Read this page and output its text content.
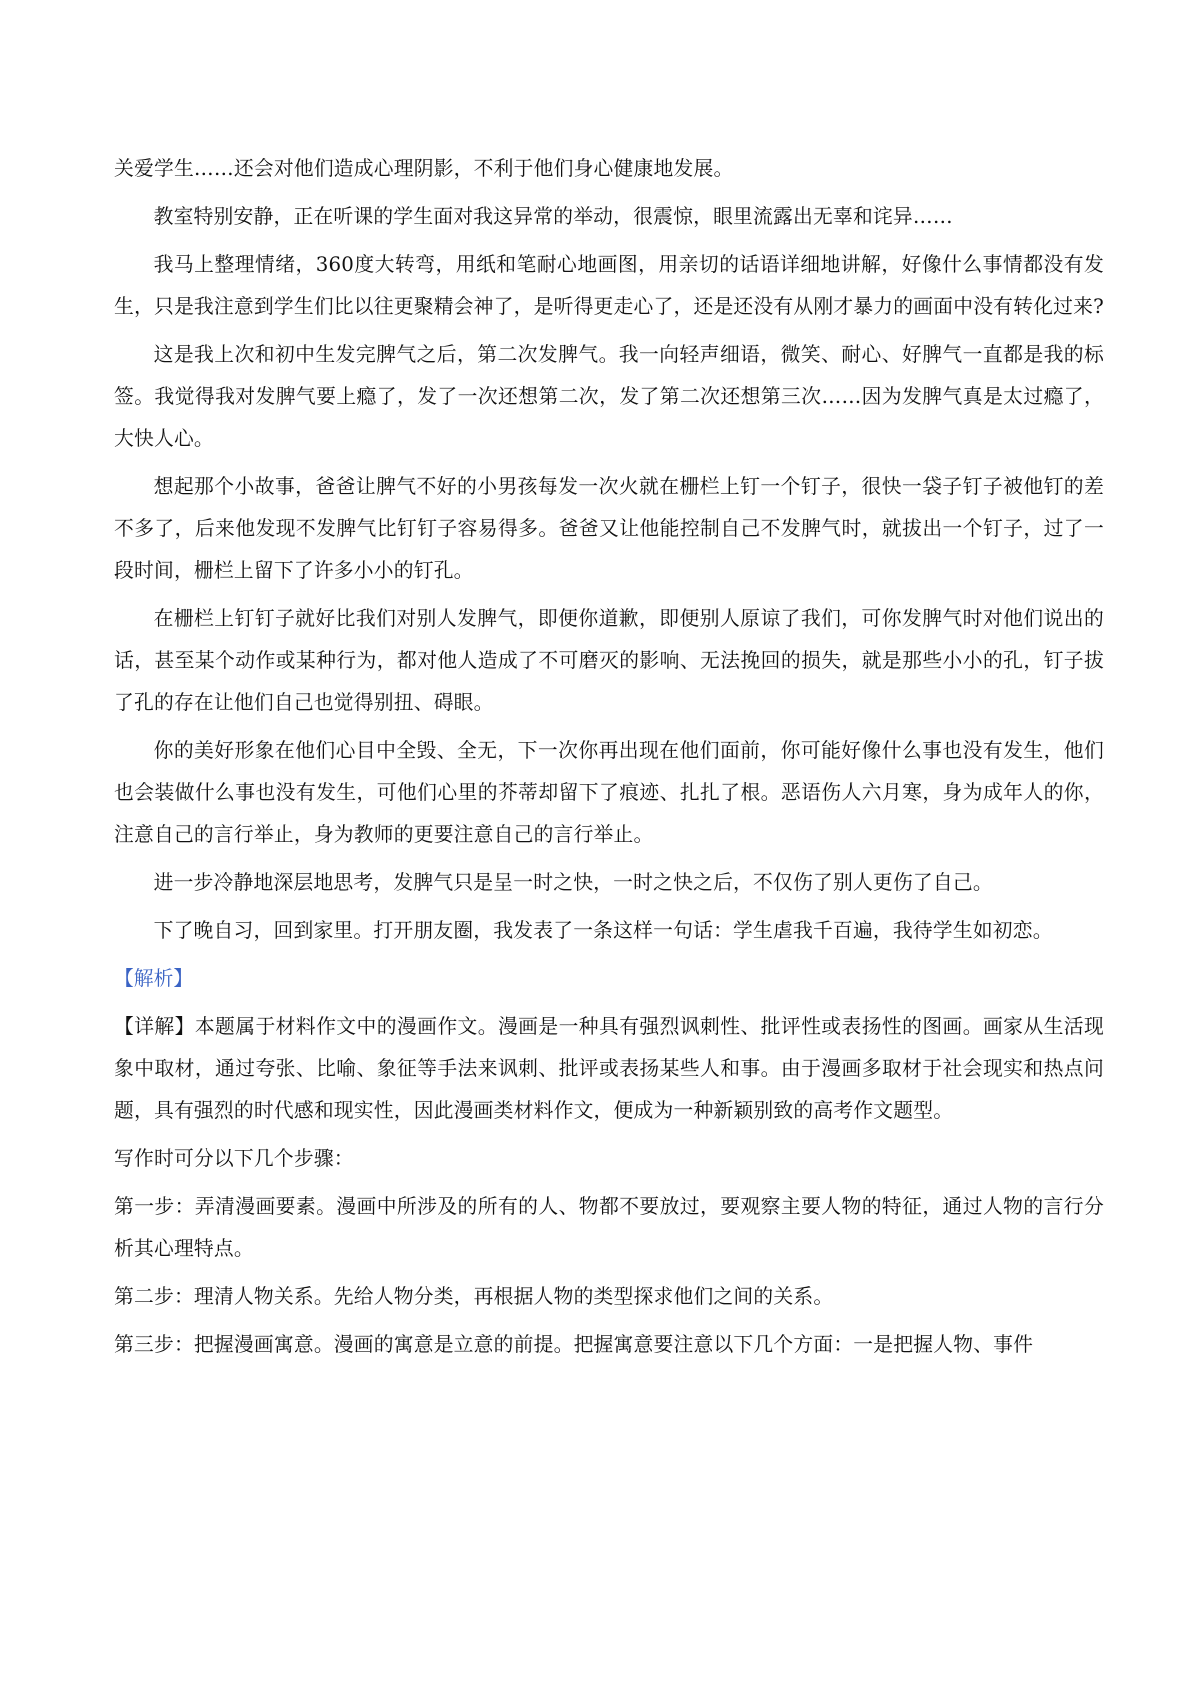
关爱学生……还会对他们造成心理阴影，不利于他们身心健康地发展。

教室特别安静，正在听课的学生面对我这异常的举动，很震惊，眼里流露出无辜和诧异……

我马上整理情绪，360度大转弯，用纸和笔耐心地画图，用亲切的话语详细地讲解，好像什么事情都没有发生，只是我注意到学生们比以往更聚精会神了，是听得更走心了，还是还没有从刚才暴力的画面中没有转化过来?

这是我上次和初中生发完脾气之后，第二次发脾气。我一向轻声细语，微笑、耐心、好脾气一直都是我的标签。我觉得我对发脾气要上瘾了，发了一次还想第二次，发了第二次还想第三次……因为发脾气真是太过瘾了，大快人心。

想起那个小故事，爸爸让脾气不好的小男孩每发一次火就在栅栏上钉一个钉子，很快一袋子钉子被他钉的差不多了，后来他发现不发脾气比钉钉子容易得多。爸爸又让他能控制自己不发脾气时，就拔出一个钉子，过了一段时间，栅栏上留下了许多小小的钉孔。

在栅栏上钉钉子就好比我们对别人发脾气，即便你道歉，即便别人原谅了我们，可你发脾气时对他们说出的话，甚至某个动作或某种行为，都对他人造成了不可磨灭的影响、无法挽回的损失，就是那些小小的孔，钉子拔了孔的存在让他们自己也觉得别扭、碍眼。

你的美好形象在他们心目中全毁、全无，下一次你再出现在他们面前，你可能好像什么事也没有发生，他们也会装做什么事也没有发生，可他们心里的芥蒂却留下了痕迹、扎扎了根。恶语伤人六月寒，身为成年人的你，注意自己的言行举止，身为教师的更要注意自己的言行举止。

进一步冷静地深层地思考，发脾气只是呈一时之快，一时之快之后，不仅伤了别人更伤了自己。

下了晚自习，回到家里。打开朋友圈，我发表了一条这样一句话：学生虐我千百遍，我待学生如初恋。

【解析】

【详解】本题属于材料作文中的漫画作文。漫画是一种具有强烈讽刺性、批评性或表扬性的图画。画家从生活现象中取材，通过夸张、比喻、象征等手法来讽刺、批评或表扬某些人和事。由于漫画多取材于社会现实和热点问题，具有强烈的时代感和现实性，因此漫画类材料作文，便成为一种新颖别致的高考作文题型。

写作时可分以下几个步骤：

第一步：弄清漫画要素。漫画中所涉及的所有的人、物都不要放过，要观察主要人物的特征，通过人物的言行分析其心理特点。

第二步：理清人物关系。先给人物分类，再根据人物的类型探求他们之间的关系。

第三步：把握漫画寓意。漫画的寓意是立意的前提。把握寓意要注意以下几个方面：一是把握人物、事件
